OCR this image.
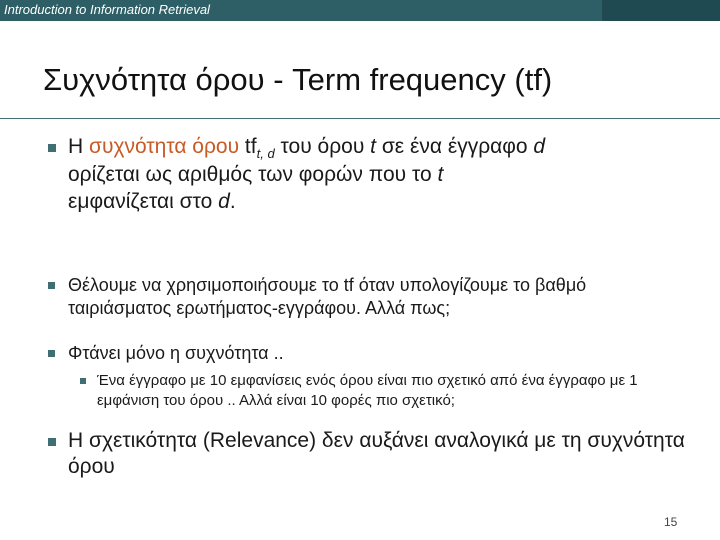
Introduction to Information Retrieval
Συχνότητα όρου - Term frequency (tf)
Η συχνότητα όρου $tf_{t, d}$ του όρου t σε ένα έγγραφο d
ορίζεται ως αριθμός των φορών που το t
εμφανίζεται στο d.
Θέλουμε να χρησιμοποιήσουμε το tf όταν υπολογίζουμε το βαθμό ταιριάσματος ερωτήματος-εγγράφου. Αλλά πως;
Φτάνει μόνο η συχνότητα ..
Ένα έγγραφο με 10 εμφανίσεις ενός όρου είναι πιο σχετικό από ένα έγγραφο με 1 εμφάνιση του όρου .. Αλλά είναι 10 φορές πιο σχετικό;
Η σχετικότητα (Relevance) δεν αυξάνει αναλογικά με τη συχνότητα όρου
15
